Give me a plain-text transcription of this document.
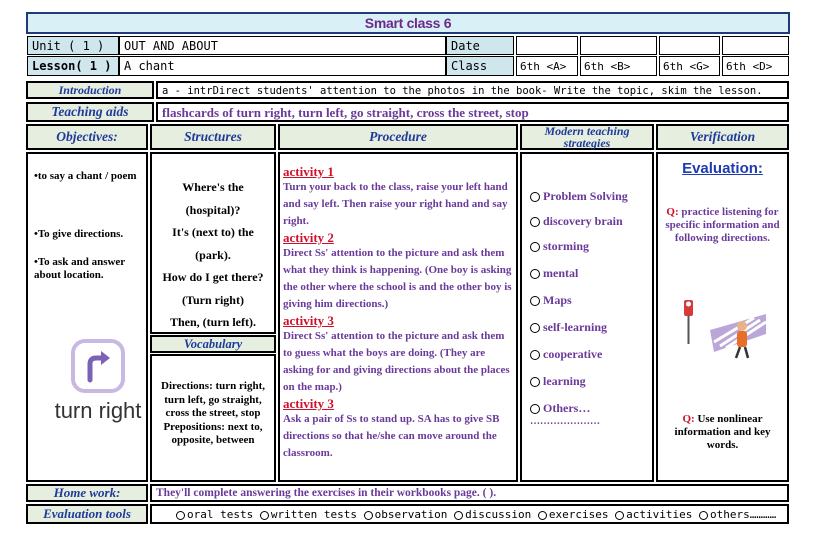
Smart class 6
Unit ( 1 )	OUT AND ABOUT	Date
Lesson( 1 )	A chant	Class	6th <A>	6th <B>	6th <G>	6th <D>
Introduction	a - intrDirect students' attention to the photos in the book- Write the topic, skim the lesson.
Teaching aids	flashcards of turn right, turn left, go straight, cross the street, stop
Objectives:	Structures	Procedure	Modern teaching strategies	Verification
•to say a chant / poem
•To give directions.
•To ask and answer about location.
turn right
Where's the
(hospital)?
It's (next to) the
(park).
How do I get there?
(Turn right)
Then, (turn left).
Vocabulary
Directions: turn right, turn left, go straight, cross the street, stop Prepositions: next to, opposite, between
activity 1
Turn your back to the class, raise your left hand and say left. Then raise your right hand and say right.
activity 2
Direct Ss' attention to the picture and ask them what they think is happening. (One boy is asking the other where the school is and the other boy is giving him directions.)
activity 3
Direct Ss' attention to the picture and ask them to guess what the boys are doing. (They are asking for and giving directions about the places on the map.)
activity 3
Ask a pair of Ss to stand up. SA has to give SB directions so that he/she can move around the classroom.
Problem Solving
discovery brain
storming
mental
Maps
self-learning
cooperative
learning
Others…
…………………
Evaluation:
Q: practice listening for specific information and following directions.
Q: Use nonlinear information and key words.
Home work:	They'll complete answering the exercises in their workbooks page. ( ).
Evaluation tools	oral tests written tests observation discussion exercises activities others…………
